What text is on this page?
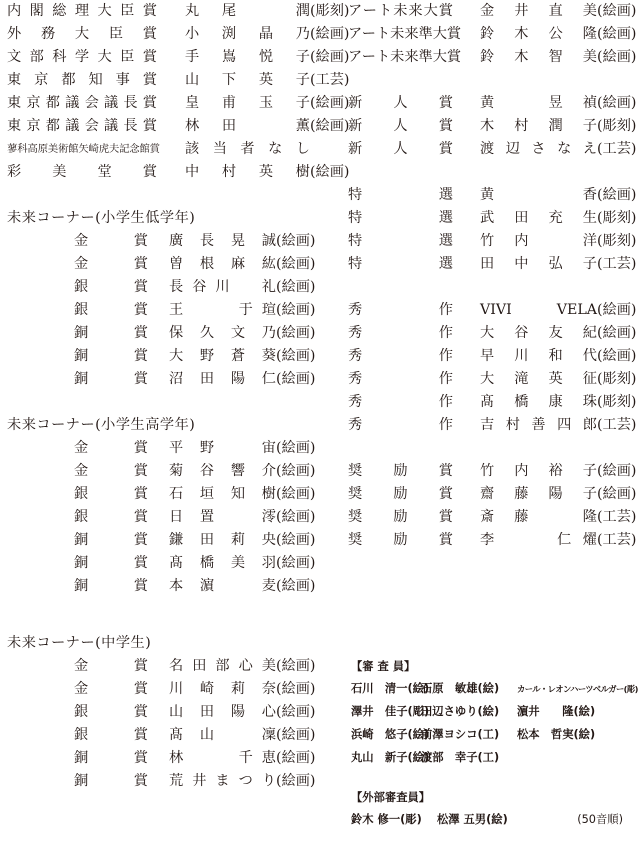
内閣総理大臣賞 丸尾　潤(彫刻)
外務大臣賞 小渕晶乃(絵画)
文部科学大臣賞 手嶌悦子(絵画)
東京都知事賞 山下英子(工芸)
東京都議会議長賞 皇甫玉子(絵画)
東京都議会議長賞 林田　薫(絵画)
蓼科高原美術館矢崎虎夫記念館賞 該当者なし
彩美堂賞 中村英樹(絵画)
未来コーナー(小学生低学年)
金賞 廣長晃誠(絵画)
金賞 曽根麻紘(絵画)
銀賞 長谷川　礼(絵画)
銀賞 王　　于瑄(絵画)
銅賞 保久文乃(絵画)
銅賞 大野蒼葵(絵画)
銅賞 沼田陽仁(絵画)
未来コーナー(小学生高学年)
金賞 平野　宙(絵画)
金賞 菊谷響介(絵画)
銀賞 石垣知樹(絵画)
銀賞 日置　澪(絵画)
銅賞 鎌田莉央(絵画)
銅賞 髙橋美羽(絵画)
銅賞 本濵　麦(絵画)
未来コーナー(中学生)
金賞 名田部心美(絵画)
金賞 川崎莉奈(絵画)
銀賞 山田陽心(絵画)
銀賞 髙山　凜(絵画)
銅賞 林　　千恵(絵画)
銅賞 荒井まつり(絵画)
アート未来大賞 金井直美(絵画)
アート未来準大賞 鈴木公隆(絵画)
アート未来準大賞 鈴木智美(絵画)
新人賞 黄　昱禎(絵画)
新人賞 木村潤子(彫刻)
新人賞 渡辺さなえ(工芸)
特選 黄　　香(絵画)
特選 武田充生(彫刻)
特選 竹内　洋(彫刻)
特選 田中弘子(工芸)
秀作 VIVI VELA(絵画)
秀作 大谷友紀(絵画)
秀作 早川和代(絵画)
秀作 大滝英征(彫刻)
秀作 髙橋康珠(彫刻)
秀作 吉村善四郎(工芸)
奨励賞 竹内裕子(絵画)
奨励賞 齋藤陽子(絵画)
奨励賞 斎藤　隆(工芸)
奨励賞 李　　仁燿(工芸)
【審 査 員】
石川　清一(絵)石原　敏雄(絵) カール・レオンハーツベルガー(彫)
澤井　佳子(彫)田辺さゆり(絵) 濵井　　隆(絵)
浜崎　悠子(絵)前澤ヨシコ(工) 松本　哲実(絵)
丸山　新子(絵)渡部　幸子(工)
【外部審査員】
鈴木 修一(彫) 松澤 五男(絵)	(50音順)
